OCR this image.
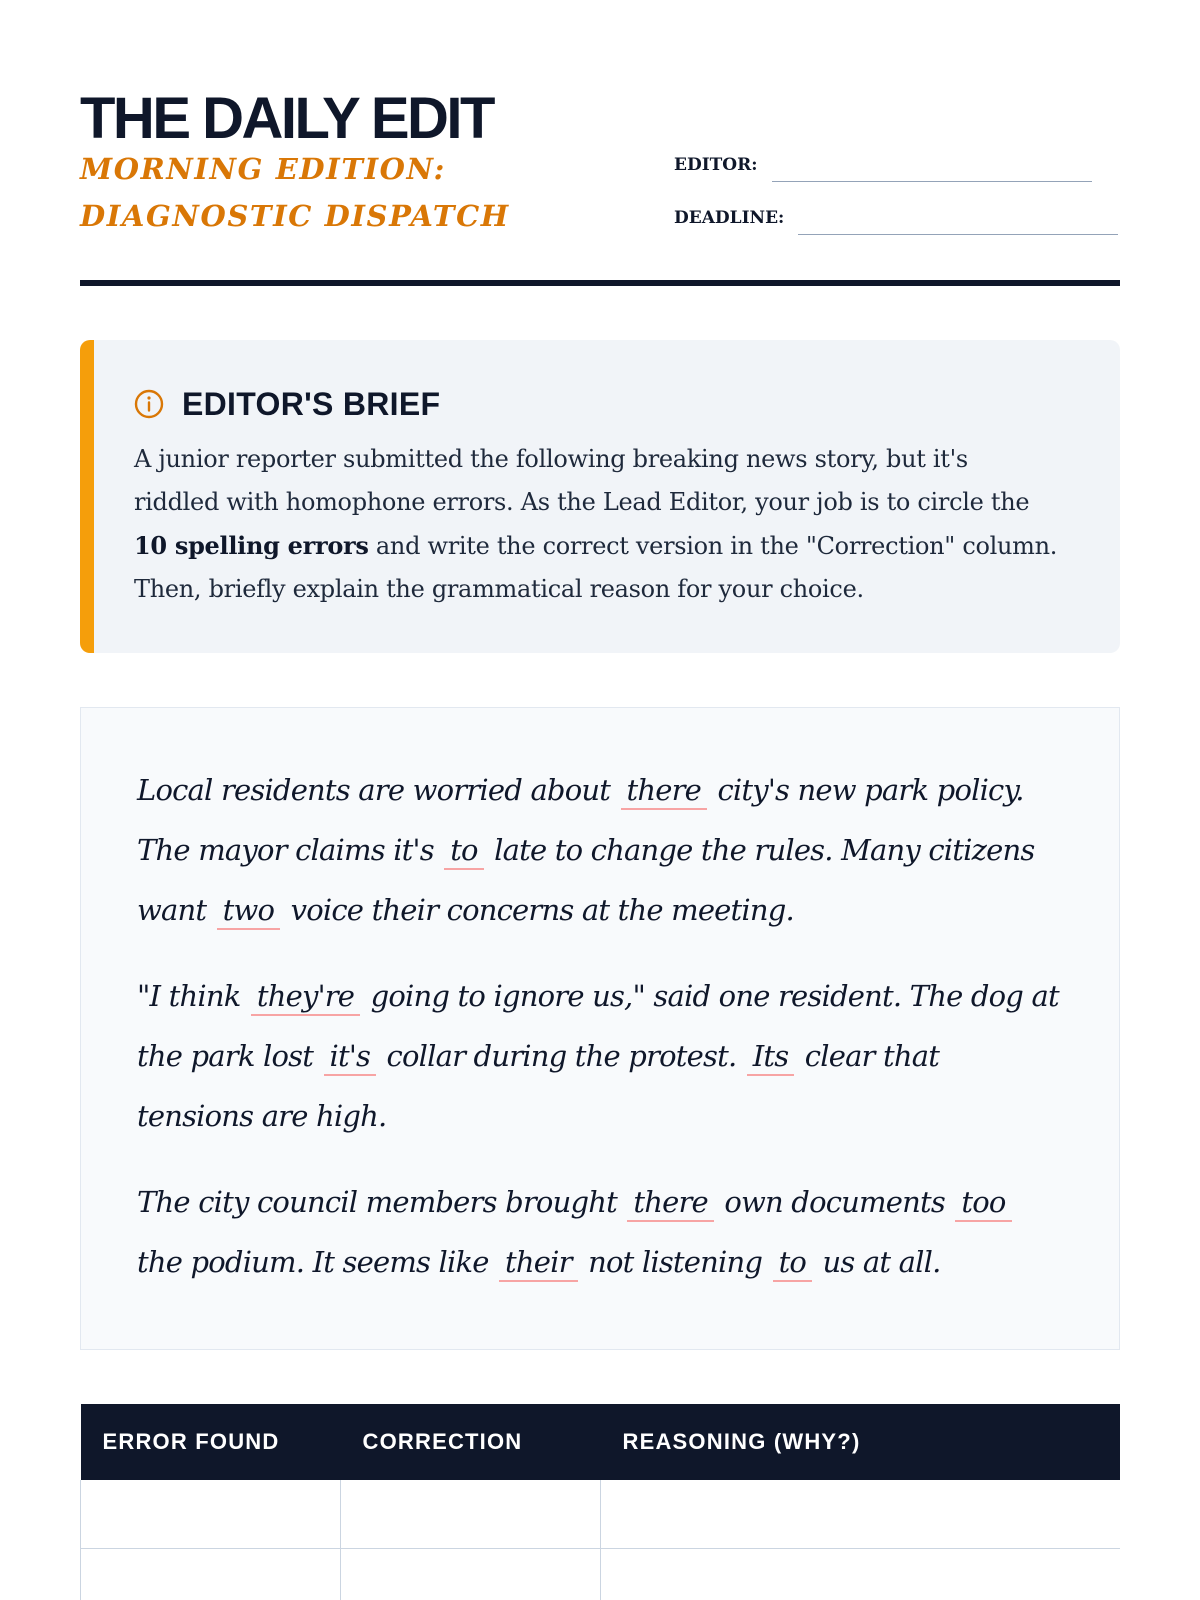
THE DAILY EDIT
MORNING EDITION: DIAGNOSTIC DISPATCH
EDITOR:
DEADLINE:
EDITOR'S BRIEF

A junior reporter submitted the following breaking news story, but it's riddled with homophone errors. As the Lead Editor, your job is to circle the 10 spelling errors and write the correct version in the "Correction" column. Then, briefly explain the grammatical reason for your choice.

Local residents are worried about there city's new park policy. The mayor claims it's to late to change the rules. Many citizens want two voice their concerns at the meeting.

"I think they're going to ignore us," said one resident. The dog at the park lost it's collar during the protest. Its clear that tensions are high.

The city council members brought there own documents too the podium. It seems like their not listening to us at all.

ERROR FOUND	CORRECTION	REASONING (WHY?)
